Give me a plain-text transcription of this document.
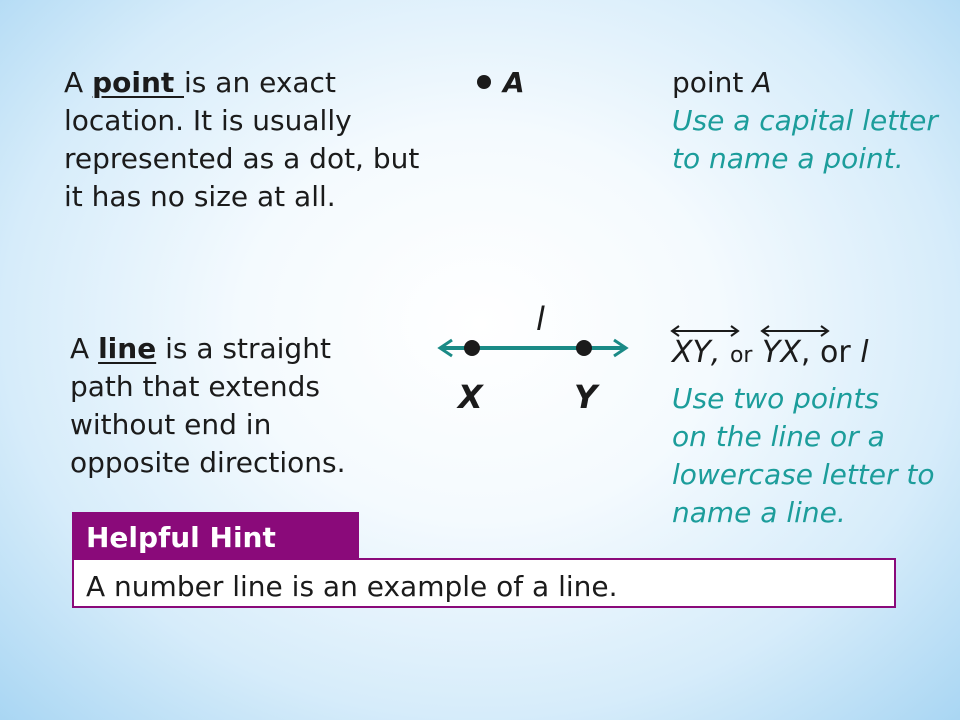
A point is an exact location. It is usually represented as a dot, but it has no size at all.

A	point A
Use a capital letter to name a point.

A line is a straight path that extends without end in opposite directions.

l
X	Y

XY, or YX, or l

Use two points
on the line or a
lowercase letter to
name a line.

Helpful Hint
A number line is an example of a line.
